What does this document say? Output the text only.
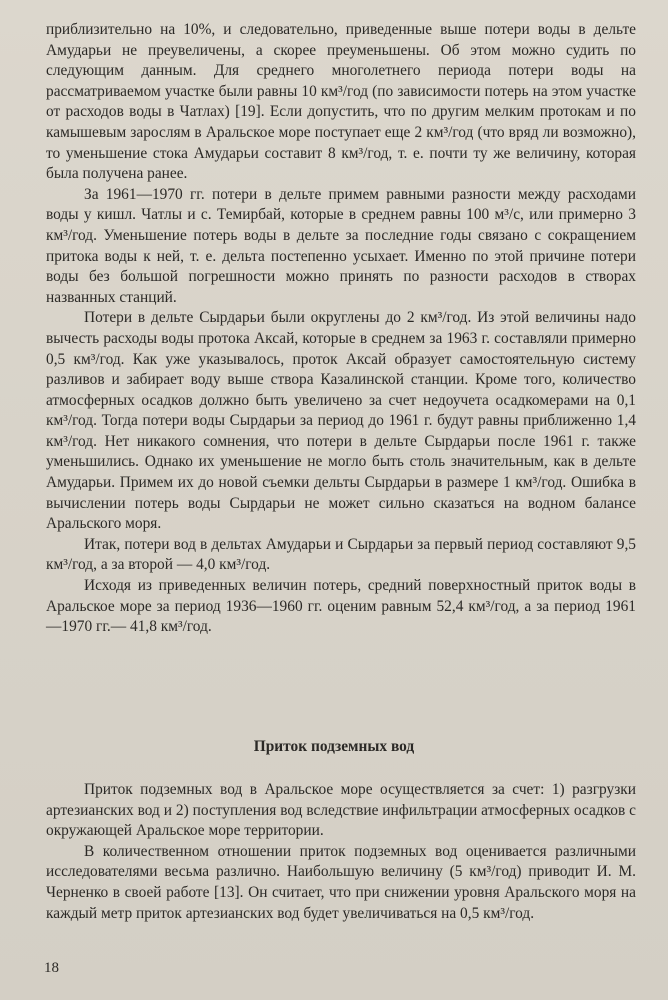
приблизительно на 10%, и следовательно, приведенные выше потери воды в дельте Амударьи не преувеличены, а скорее преуменьшены. Об этом можно судить по следующим данным. Для среднего многолетнего периода потери воды на рассматриваемом участке были равны 10 км³/год (по зависимости потерь на этом участке от расходов воды в Чатлах) [19]. Если допустить, что по другим мелким протокам и по камышевым зарослям в Аральское море поступает еще 2 км³/год (что вряд ли возможно), то уменьшение стока Амударьи составит 8 км³/год, т. е. почти ту же величину, которая была получена ранее.

За 1961—1970 гг. потери в дельте примем равными разности между расходами воды у кишл. Чатлы и с. Темирбай, которые в среднем равны 100 м³/с, или примерно 3 км³/год. Уменьшение потерь воды в дельте за последние годы связано с сокращением притока воды к ней, т. е. дельта постепенно усыхает. Именно по этой причине потери воды без большой погрешности можно принять по разности расходов в створах названных станций.

Потери в дельте Сырдарьи были округлены до 2 км³/год. Из этой величины надо вычесть расходы воды протока Аксай, которые в среднем за 1963 г. составляли примерно 0,5 км³/год. Как уже указывалось, проток Аксай образует самостоятельную систему разливов и забирает воду выше створа Казалинской станции. Кроме того, количество атмосферных осадков должно быть увеличено за счет недоучета осадкомерами на 0,1 км³/год. Тогда потери воды Сырдарьи за период до 1961 г. будут равны приближенно 1,4 км³/год. Нет никакого сомнения, что потери в дельте Сырдарьи после 1961 г. также уменьшились. Однако их уменьшение не могло быть столь значительным, как в дельте Амударьи. Примем их до новой съемки дельты Сырдарьи в размере 1 км³/год. Ошибка в вычислении потерь воды Сырдарьи не может сильно сказаться на водном балансе Аральского моря.

Итак, потери вод в дельтах Амударьи и Сырдарьи за первый период составляют 9,5 км³/год, а за второй — 4,0 км³/год.

Исходя из приведенных величин потерь, средний поверхностный приток воды в Аральское море за период 1936—1960 гг. оценим равным 52,4 км³/год, а за период 1961—1970 гг.— 41,8 км³/год.

Приток подземных вод

Приток подземных вод в Аральское море осуществляется за счет: 1) разгрузки артезианских вод и 2) поступления вод вследствие инфильтрации атмосферных осадков с окружающей Аральское море территории.

В количественном отношении приток подземных вод оценивается различными исследователями весьма различно. Наибольшую величину (5 км³/год) приводит И. М. Черненко в своей работе [13]. Он считает, что при снижении уровня Аральского моря на каждый метр приток артезианских вод будет увеличиваться на 0,5 км³/год.

18
